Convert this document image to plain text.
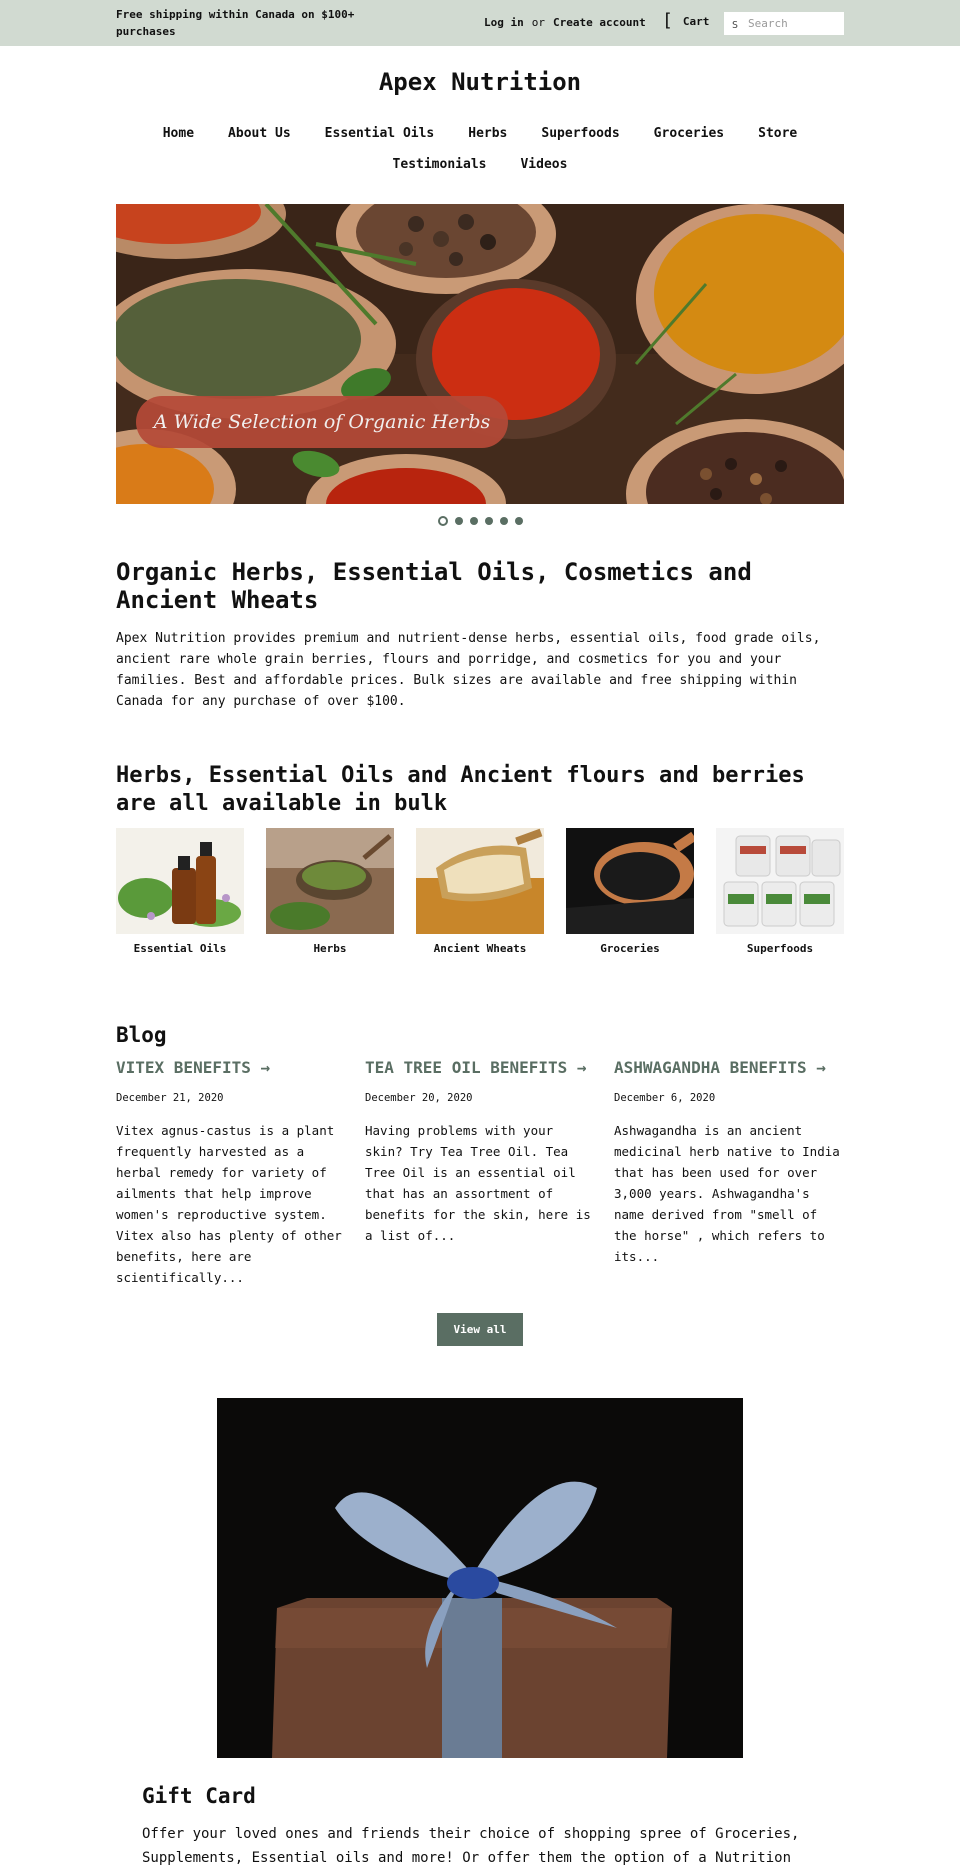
Free shipping within Canada on $100+ purchases
Log in or Create account [ Cart S
Search
Apex Nutrition
Home	About Us	Essential Oils	Herbs	Superfoods	Groceries	Store
Testimonials	Videos
A Wide Selection of Organic Herbs
Organic Herbs, Essential Oils, Cosmetics and Ancient Wheats

Apex Nutrition provides premium and nutrient-dense herbs, essential oils, food grade oils, ancient rare whole grain berries, flours and porridge, and cosmetics for you and your families. Best and affordable prices. Bulk sizes are available and free shipping within Canada for any purchase of over $100.

Herbs, Essential Oils and Ancient flours and berries are all available in bulk
Essential Oils	Herbs	Ancient Wheats	Groceries	Superfoods
Blog
VITEX BENEFITS →
December 21, 2020
Vitex agnus-castus is a plant frequently harvested as a herbal remedy for variety of ailments that help improve women's reproductive system. Vitex also has plenty of other benefits, here are scientifically...
TEA TREE OIL BENEFITS →
December 20, 2020
Having problems with your skin? Try Tea Tree Oil. Tea Tree Oil is an essential oil that has an assortment of benefits for the skin, here is a list of...
ASHWAGANDHA BENEFITS →
December 6, 2020
Ashwagandha is an ancient medicinal herb native to India that has been used for over 3,000 years. Ashwagandha's name derived from "smell of the horse" , which refers to its...
View all
Gift Card

Offer your loved ones and friends their choice of shopping spree of Groceries, Supplements, Essential oils and more! Or offer them the option of a Nutrition
